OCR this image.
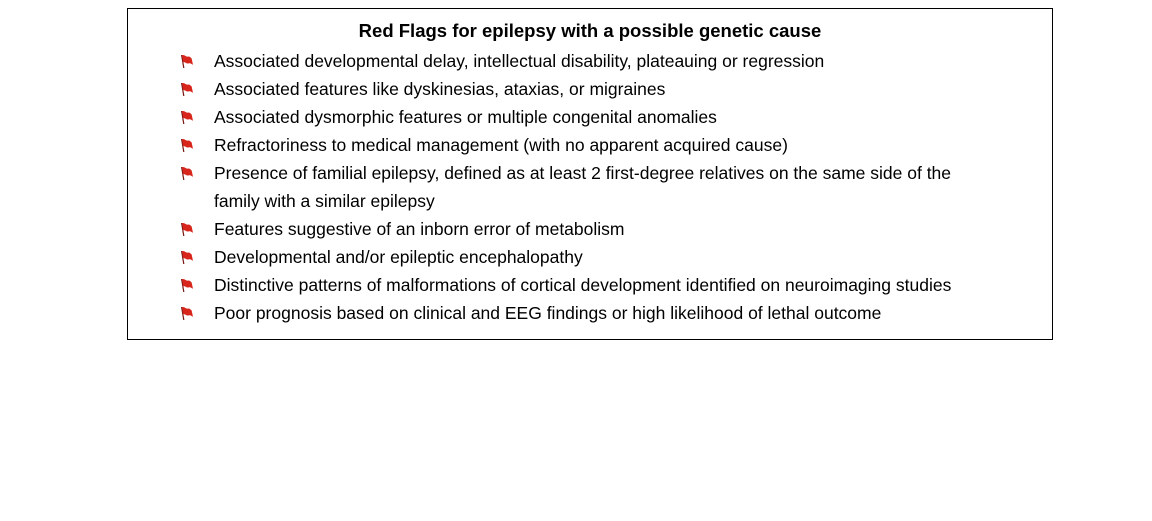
Red Flags for epilepsy with a possible genetic cause
Associated developmental delay, intellectual disability, plateauing or regression
Associated features like dyskinesias, ataxias, or migraines
Associated dysmorphic features or multiple congenital anomalies
Refractoriness to medical management (with no apparent acquired cause)
Presence of familial epilepsy, defined as at least 2 first-degree relatives on the same side of the
family with a similar epilepsy
Features suggestive of an inborn error of metabolism
Developmental and/or epileptic encephalopathy
Distinctive patterns of malformations of cortical development identified on neuroimaging studies
Poor prognosis based on clinical and EEG findings or high likelihood of lethal outcome
